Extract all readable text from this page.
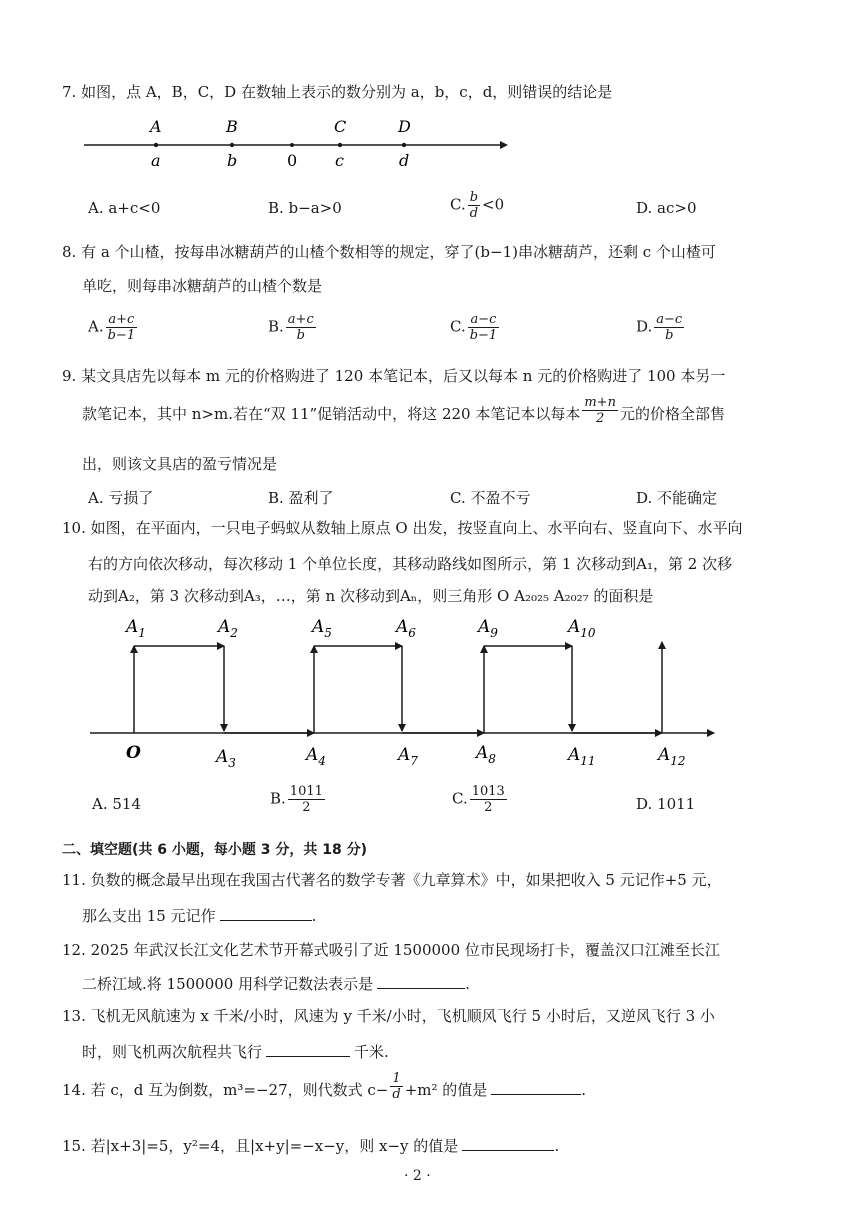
7. 如图，点 A，B，C，D 在数轴上表示的数分别为 a，b，c，d，则错误的结论是
A	B	C	D
a	b	0 c	d
A. a+c<0	B. b−a>0	C. $\frac{b}{d} <0$	D. ac>0
8. 有 a 个山楂，按每串冰糖葫芦的山楂个数相等的规定，穿了(b−1)串冰糖葫芦，还剩 c 个山楂可
单吃，则每串冰糖葫芦的山楂个数是
A. $\frac{a+c}{b-1}$	B. $\frac{a+c}{b}$	C. $\frac{a-c}{b-1}$	D. $\frac{a-c}{b}$
9. 某文具店先以每本 m 元的价格购进了 120 本笔记本，后又以每本 n 元的价格购进了 100 本另一
款笔记本，其中 n>m.若在“双 11”促销活动中，将这 220 本笔记本以每本 $\frac{m+n}{2}$ 元的价格全部售
出，则该文具店的盈亏情况是
A. 亏损了	B. 盈利了	C. 不盈不亏	D. 不能确定
10. 如图，在平面内，一只电子蚂蚁从数轴上原点 O 出发，按竖直向上、水平向右、竖直向下、水平向
右的方向依次移动，每次移动 1 个单位长度，其移动路线如图所示，第 1 次移动到A₁，第 2 次移
动到A₂，第 3 次移动到A₃，…，第 n 次移动到Aₙ，则三角形 O A₂₀₂₅ A₂₀₂₇ 的面积是
$A_1$	$A_2$	$A_5$	$A_6$	$A_9$	$A_{10}$
O	$A_3$	$A_4$	$A_7$	$A_8$	$A_{11}$	$A_{12}$
A. 514	B. $\frac{1011}{2}$	C. $\frac{1013}{2}$	D. 1011
二、填空题(共 6 小题，每小题 3 分，共 18 分)
11. 负数的概念最早出现在我国古代著名的数学专著《九章算术》中，如果把收入 5 元记作+5 元，
那么支出 15 元记作	.
12. 2025 年武汉长江文化艺术节开幕式吸引了近 1500000 位市民现场打卡，覆盖汉口江滩至长江
二桥江域.将 1500000 用科学记数法表示是	.
13. 飞机无风航速为 x 千米/小时，风速为 y 千米/小时，飞机顺风飞行 5 小时后，又逆风飞行 3 小
时，则飞机两次航程共飞行	千米.
14. 若 c，d 互为倒数，m³=−27，则代数式 $c- \frac{1}{d} +m^2$ 的值是	.
15. 若|x+3|=5，y²=4，且|x+y|=−x−y，则 x−y 的值是	.
· 2 ·
